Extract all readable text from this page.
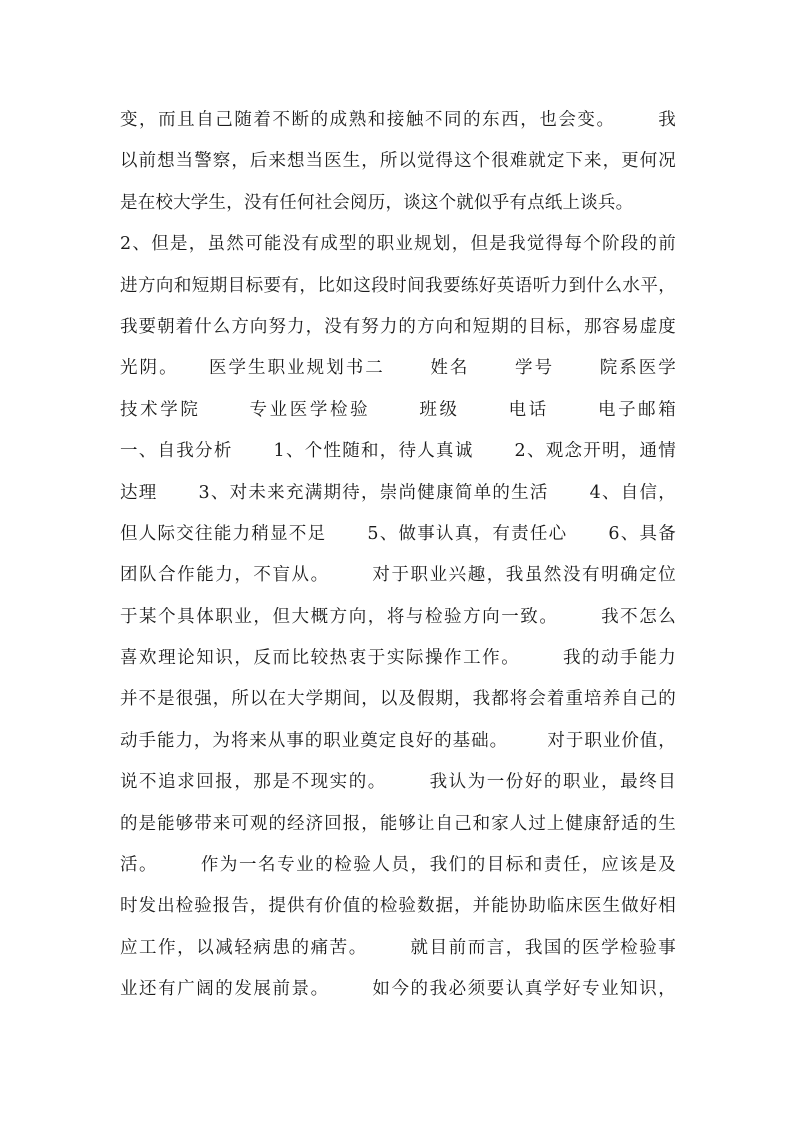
变，而且自己随着不断的成熟和接触不同的东西，也会变。      我
以前想当警察，后来想当医生，所以觉得这个很难就定下来，更何况
是在校大学生，没有任何社会阅历，谈这个就似乎有点纸上谈兵。
2、但是，虽然可能没有成型的职业规划，但是我觉得每个阶段的前
进方向和短期目标要有，比如这段时间我要练好英语听力到什么水平，
我要朝着什么方向努力，没有努力的方向和短期的目标，那容易虚度
光阴。    医学生职业规划书二      姓名      学号      院系医学
技术学院      专业医学检验      班级      电话      电子邮箱
一、自我分析      1、个性随和，待人真诚      2、观念开明，通情
达理      3、对未来充满期待，崇尚健康简单的生活      4、自信，
但人际交往能力稍显不足      5、做事认真，有责任心      6、具备
团队合作能力，不盲从。      对于职业兴趣，我虽然没有明确定位
于某个具体职业，但大概方向，将与检验方向一致。      我不怎么
喜欢理论知识，反而比较热衷于实际操作工作。      我的动手能力
并不是很强，所以在大学期间，以及假期，我都将会着重培养自己的
动手能力，为将来从事的职业奠定良好的基础。      对于职业价值，
说不追求回报，那是不现实的。      我认为一份好的职业，最终目
的是能够带来可观的经济回报，能够让自己和家人过上健康舒适的生
活。      作为一名专业的检验人员，我们的目标和责任，应该是及
时发出检验报告，提供有价值的检验数据，并能协助临床医生做好相
应工作，以减轻病患的痛苦。      就目前而言，我国的医学检验事
业还有广阔的发展前景。      如今的我必须要认真学好专业知识，
